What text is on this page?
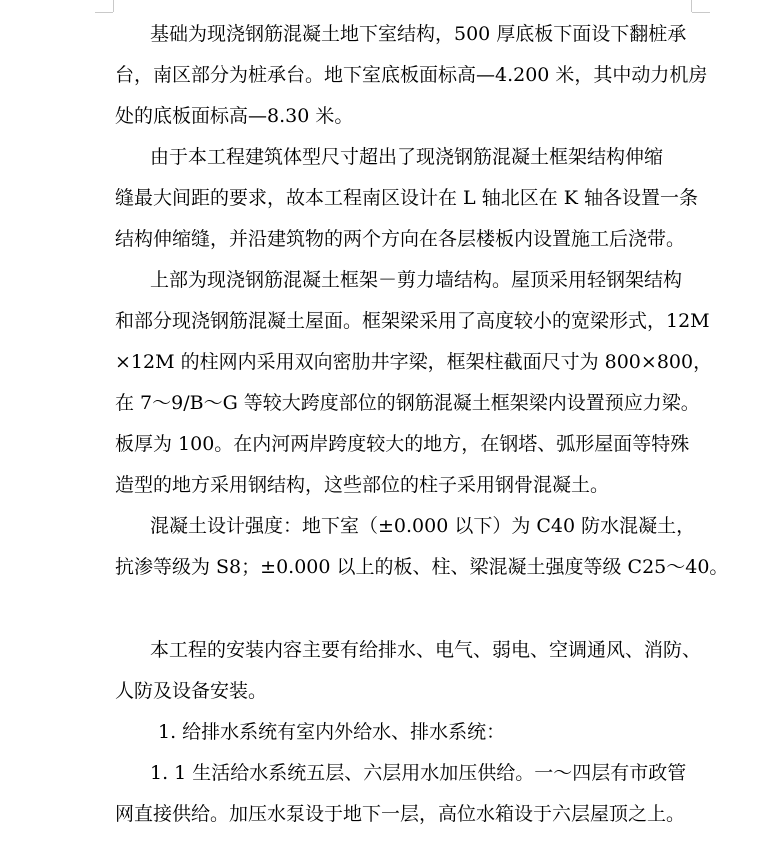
基础为现浇钢筋混凝土地下室结构，500 厚底板下面设下翻桩承

台，南区部分为桩承台。地下室底板面标高—4.200 米，其中动力机房

处的底板面标高—8.30 米。

由于本工程建筑体型尺寸超出了现浇钢筋混凝土框架结构伸缩

缝最大间距的要求，故本工程南区设计在 L 轴北区在 K 轴各设置一条

结构伸缩缝，并沿建筑物的两个方向在各层楼板内设置施工后浇带。

上部为现浇钢筋混凝土框架－剪力墙结构。屋顶采用轻钢架结构

和部分现浇钢筋混凝土屋面。框架梁采用了高度较小的宽梁形式，12M

×12M 的柱网内采用双向密肋井字梁，框架柱截面尺寸为 800×800，

在 7～9/B～G 等较大跨度部位的钢筋混凝土框架梁内设置预应力梁。

板厚为 100。在内河两岸跨度较大的地方，在钢塔、弧形屋面等特殊

造型的地方采用钢结构，这些部位的柱子采用钢骨混凝土。

混凝土设计强度：地下室（±0.000 以下）为 C40 防水混凝土，

抗渗等级为 S8；±0.000 以上的板、柱、梁混凝土强度等级 C25～40。

本工程的安装内容主要有给排水、电气、弱电、空调通风、消防、

人防及设备安装。

1. 给排水系统有室内外给水、排水系统：

1. 1 生活给水系统五层、六层用水加压供给。一～四层有市政管

网直接供给。加压水泵设于地下一层，高位水箱设于六层屋顶之上。
